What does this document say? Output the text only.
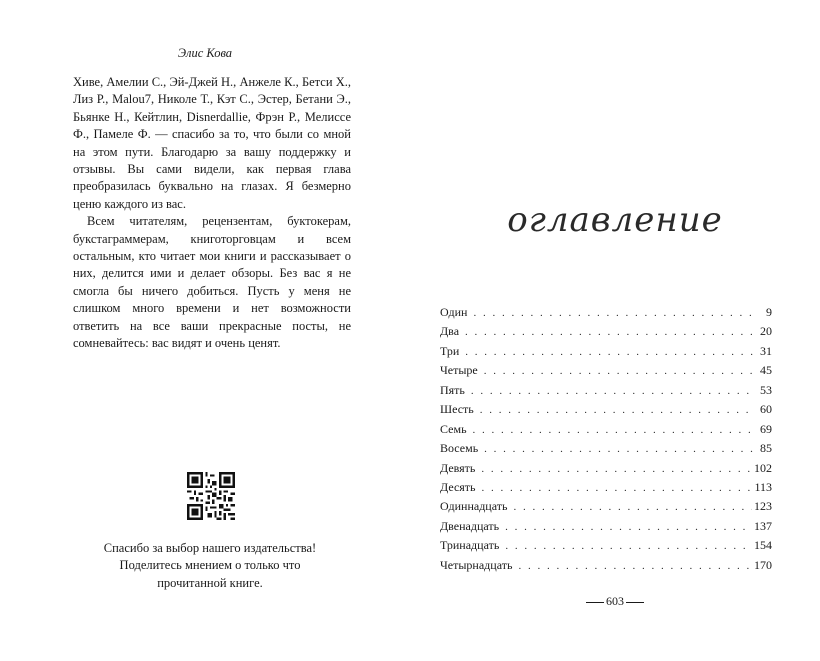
Элис Кова

Хиве, Амелии С., Эй-Джей Н., Анжеле К., Бетси Х., Лиз Р., Malou7, Николе Т., Кэт С., Эстер, Бетани Э., Бьянке Н., Кейтлин, Disnerdallie, Фрэн Р., Мелиссе Ф., Памеле Ф. — спасибо за то, что были со мной на этом пути. Благодарю за вашу поддержку и отзывы. Вы сами видели, как первая глава преобразилась буквально на глазах. Я безмерно ценю каждого из вас.

Всем читателям, рецензентам, буктокерам, букстаграммерам, книготорговцам и всем остальным, кто читает мои книги и рассказывает о них, делится ими и делает обзоры. Без вас я не смогла бы ничего добиться. Пусть у меня не слишком много времени и нет возможности ответить на все ваши прекрасные посты, не сомневайтесь: вас видят и очень ценят.

Спасибо за выбор нашего издательства!
Поделитесь мнением о только что
прочитанной книге.
оглавление
Один . . .	9
Два . . .	20
Три . . .	31
Четыре . . .	45
Пять . . .	53
Шесть . . .	60
Семь . . .	69
Восемь . . .	85
Девять . . .	102
Десять . . .	113
Одиннадцать . . .	123
Двенадцать . . .	137
Тринадцать . . .	154
Четырнадцать . . .	170
603
